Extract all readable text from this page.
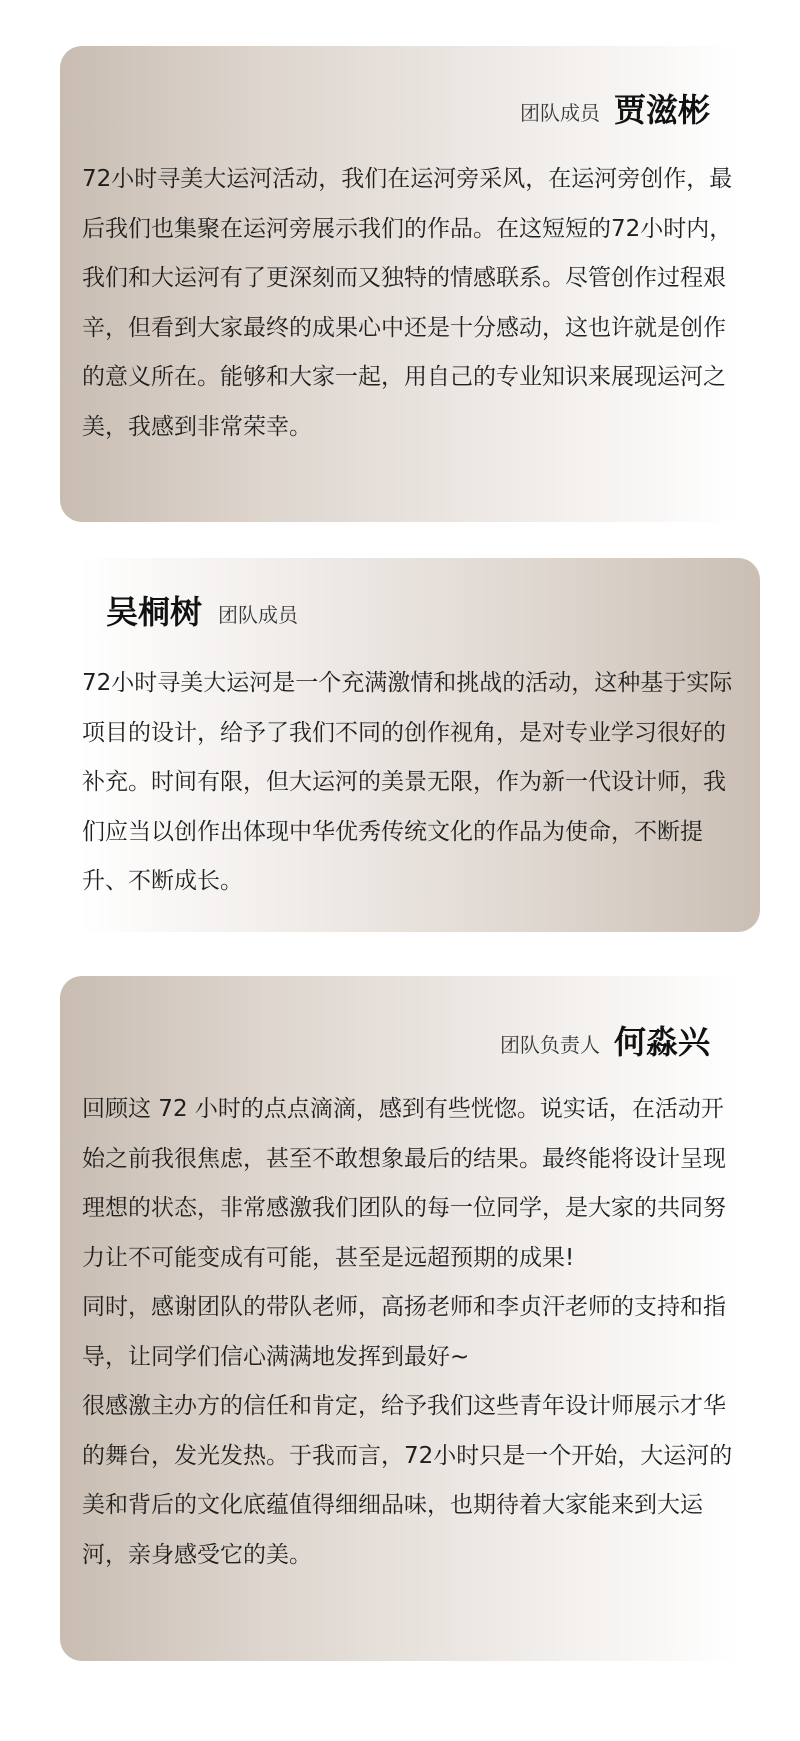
团队成员 贾滋彬

72小时寻美大运河活动，我们在运河旁采风，在运河旁创作，最后我们也集聚在运河旁展示我们的作品。在这短短的72小时内，我们和大运河有了更深刻而又独特的情感联系。尽管创作过程艰辛，但看到大家最终的成果心中还是十分感动，这也许就是创作的意义所在。能够和大家一起，用自己的专业知识来展现运河之美，我感到非常荣幸。

吴桐树 团队成员

72小时寻美大运河是一个充满激情和挑战的活动，这种基于实际项目的设计，给予了我们不同的创作视角，是对专业学习很好的补充。时间有限，但大运河的美景无限，作为新一代设计师，我们应当以创作出体现中华优秀传统文化的作品为使命，不断提升、不断成长。

团队负责人 何淼兴

回顾这 72 小时的点点滴滴，感到有些恍惚。说实话，在活动开始之前我很焦虑，甚至不敢想象最后的结果。最终能将设计呈现理想的状态，非常感激我们团队的每一位同学，是大家的共同努力让不可能变成有可能，甚至是远超预期的成果!

同时，感谢团队的带队老师，高扬老师和李贞汗老师的支持和指导，让同学们信心满满地发挥到最好~

很感激主办方的信任和肯定，给予我们这些青年设计师展示才华的舞台，发光发热。于我而言，72小时只是一个开始，大运河的美和背后的文化底蕴值得细细品味，也期待着大家能来到大运河，亲身感受它的美。
